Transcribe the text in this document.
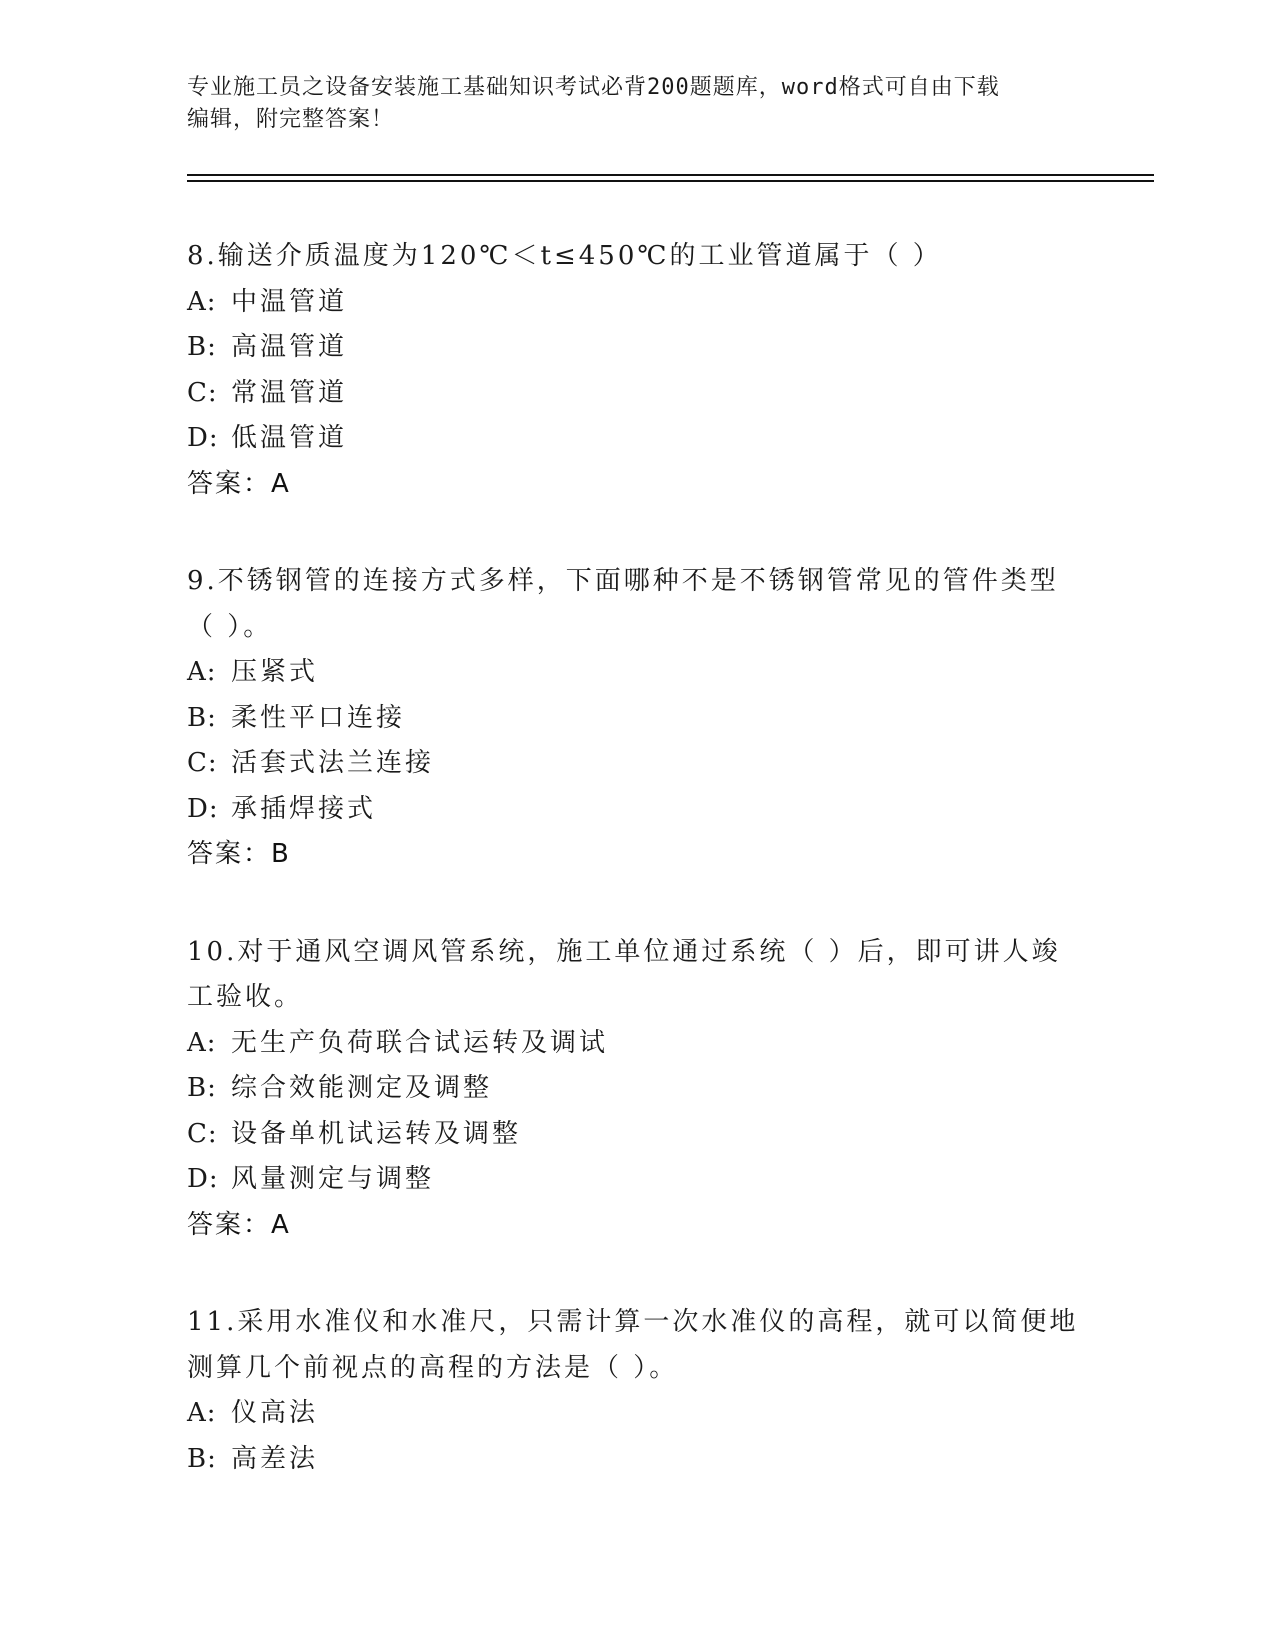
专业施工员之设备安装施工基础知识考试必背200题题库，word格式可自由下载
编辑，附完整答案！
8.输送介质温度为120℃＜t≤450℃的工业管道属于（ ）
A: 中温管道
B: 高温管道
C: 常温管道
D: 低温管道
答案：A
9.不锈钢管的连接方式多样，下面哪种不是不锈钢管常见的管件类型
（ ）。
A: 压紧式
B: 柔性平口连接
C: 活套式法兰连接
D: 承插焊接式
答案：B
10.对于通风空调风管系统，施工单位通过系统（ ）后，即可讲人竣
工验收。
A: 无生产负荷联合试运转及调试
B: 综合效能测定及调整
C: 设备单机试运转及调整
D: 风量测定与调整
答案：A
11.采用水准仪和水准尺，只需计算一次水准仪的高程，就可以简便地
测算几个前视点的高程的方法是（ ）。
A: 仪高法
B: 高差法
